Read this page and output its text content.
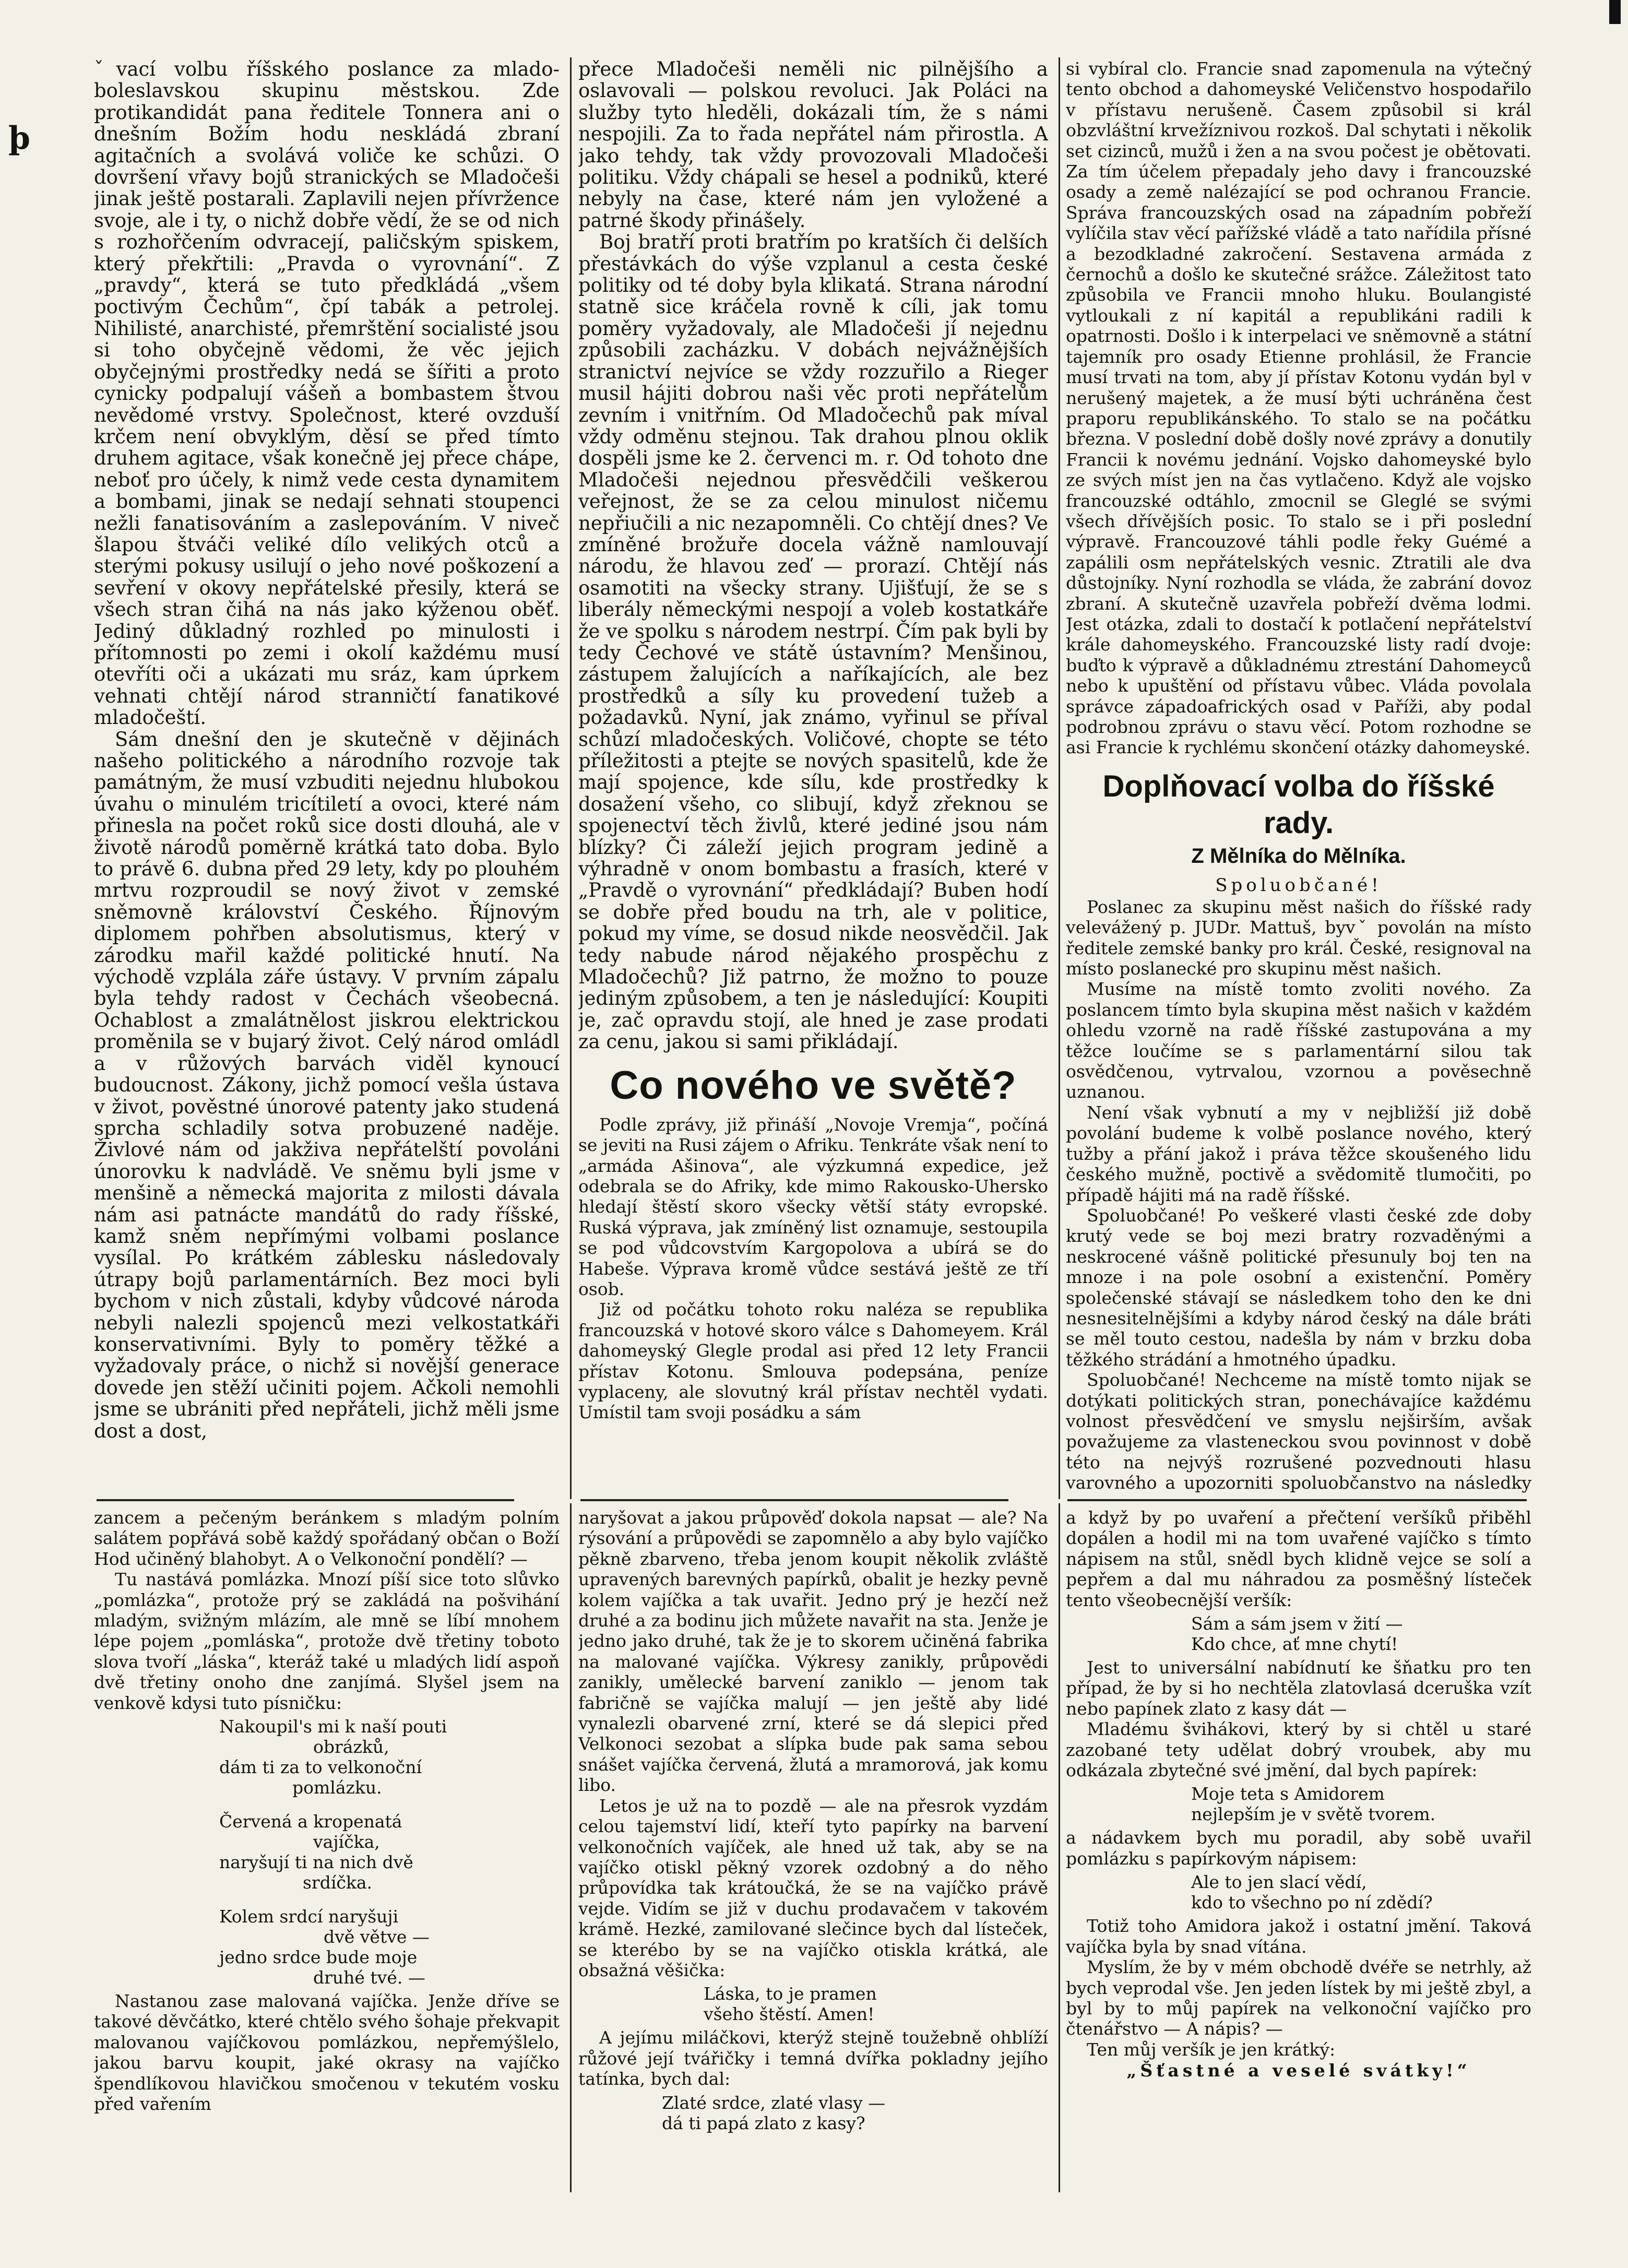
þ

ˇvací volbu říšského poslance za mlado-boleslavskou skupinu městskou. Zde protikandidát pana ředitele Tonnera ani o dnešním Božím hodu neskládá zbraní agitačních a svolává voliče ke schůzi. O dovršení vřavy bojů stranických se Mladočeši jinak ještě postarali. Zaplavili nejen přívržence svoje, ale i ty, o nichž dobře vědí, že se od nich s rozhořčením odvracejí, paličským spiskem, který překřtili: „Pravda o vyrovnání“. Z „pravdy“, která se tuto předkládá „všem poctivým Čechům“, čpí tabák a petrolej. Nihilisté, anarchisté, přemrštění socialisté jsou si toho obyčejně vědomi, že věc jejich obyčejnými prostředky nedá se šířiti a proto cynicky podpalují vášeň a bombastem štvou nevědomé vrstvy. Společnost, které ovzduší krčem není obvyklým, děsí se před tímto druhem agitace, však konečně jej přece chápe, neboť pro účely, k nimž vede cesta dynamitem a bombami, jinak se nedají sehnati stoupenci nežli fanatisováním a zaslepováním. V niveč šlapou štváči veliké dílo velikých otců a sterými pokusy usilují o jeho nové poškození a sevření v okovy nepřátelské přesily, která se všech stran čihá na nás jako kýženou oběť. Jediný důkladný rozhled po minulosti i přítomnosti po zemi i okolí každému musí otevříti oči a ukázati mu sráz, kam úprkem vehnati chtějí národ stranničtí fanatikové mladočeští.

Sám dnešní den je skutečně v dějinách našeho politického a národního rozvoje tak památným, že musí vzbuditi nejednu hlubokou úvahu o minulém tricítiletí a ovoci, které nám přinesla na počet roků sice dosti dlouhá, ale v životě národů poměrně krátká tato doba. Bylo to právě 6. dubna před 29 lety, kdy po plouhém mrtvu rozproudil se nový život v zemské sněmovně království Českého. Říjnovým diplomem pohřben absolutismus, který v zárodku mařil každé politické hnutí. Na východě vzplála záře ústavy. V prvním zápalu byla tehdy radost v Čechách všeobecná. Ochablost a zmalátnělost jiskrou elektrickou proměnila se v bujarý život. Celý národ omládl a v růžových barvách viděl kynoucí budoucnost. Zákony, jichž pomocí vešla ústava v život, pověstné únorové patenty jako studená sprcha schladily sotva probuzené naděje. Živlové nám od jakživa nepřátelští povoláni únorovku k nadvládě. Ve sněmu byli jsme v menšině a německá majorita z milosti dávala nám asi patnácte mandátů do rady říšské, kamž sněm nepřímými volbami poslance vysílal. Po krátkém záblesku následovaly útrapy bojů parlamentárních. Bez moci byli bychom v nich zůstali, kdyby vůdcové národa nebyli nalezli spojenců mezi velkostatkáři konservativními. Byly to poměry těžké a vyžadovaly práce, o nichž si novější generace dovede jen stěží učiniti pojem. Ačkoli nemohli jsme se ubrániti před nepřáteli, jichž měli jsme dost a dost,

přece Mladočeši neměli nic pilnějšího a oslavovali — polskou revoluci. Jak Poláci na služby tyto hleděli, dokázali tím, že s námi nespojili. Za to řada nepřátel nám přirostla. A jako tehdy, tak vždy provozovali Mladočeši politiku. Vždy chápali se hesel a podniků, které nebyly na čase, které nám jen vyložené a patrné škody přinášely.

Boj bratří proti bratřím po kratších či delších přestávkách do výše vzplanul a cesta české politiky od té doby byla klikatá. Strana národní statně sice kráčela rovně k cíli, jak tomu poměry vyžadovaly, ale Mladočeši jí nejednu způsobili zacházku. V dobách nejvážnějších stranictví nejvíce se vždy rozzuřilo a Rieger musil hájiti dobrou naši věc proti nepřátelům zevním i vnitřním. Od Mladočechů pak míval vždy odměnu stejnou. Tak drahou plnou oklik dospěli jsme ke 2. červenci m. r. Od tohoto dne Mladočeši nejednou přesvědčili veškerou veřejnost, že se za celou minulost ničemu nepřiučili a nic nezapomněli. Co chtějí dnes? Ve zmíněné brožuře docela vážně namlouvají národu, že hlavou zeď — prorazí. Chtějí nás osamotiti na všecky strany. Ujišťují, že se s liberály německými nespojí a voleb kostatkáře že ve spolku s národem nestrpí. Čím pak byli by tedy Čechové ve státě ústavním? Menšinou, zástupem žalujících a naříkajících, ale bez prostředků a síly ku provedení tužeb a požadavků. Nyní, jak známo, vyřinul se příval schůzí mladočeských. Voličové, chopte se této příležitosti a ptejte se nových spasitelů, kde že mají spojence, kde sílu, kde prostředky k dosažení všeho, co slibují, když zřeknou se spojenectví těch živlů, které jediné jsou nám blízky? Či záleží jejich program jedině a výhradně v onom bombastu a frasích, které v „Pravdě o vyrovnání“ předkládají? Buben hodí se dobře před boudu na trh, ale v politice, pokud my víme, se dosud nikde neosvědčil. Jak tedy nabude národ nějakého prospěchu z Mladočechů? Již patrno, že možno to pouze jediným způsobem, a ten je následující: Koupiti je, zač opravdu stojí, ale hned je zase prodati za cenu, jakou si sami přikládají.

Co nového ve světě?

Podle zprávy, již přináší „Novoje Vremja“, počíná se jeviti na Rusi zájem o Afriku. Tenkráte však není to „armáda Ašinova“, ale výzkumná expedice, jež odebrala se do Afriky, kde mimo Rakousko-Uhersko hledají štěstí skoro všecky větší státy evropské. Ruská výprava, jak zmíněný list oznamuje, sestoupila se pod vůdcovstvím Kargopolova a ubírá se do Habeše. Výprava kromě vůdce sestává ještě ze tří osob.

Již od počátku tohoto roku naléza se republika francouzská v hotové skoro válce s Dahomeyem. Král dahomeyský Glegle prodal asi před 12 lety Francii přístav Kotonu. Smlouva podepsána, peníze vyplaceny, ale slovutný král přístav nechtěl vydati. Umístil tam svoji posádku a sám

si vybíral clo. Francie snad zapomenula na výtečný tento obchod a dahomeyské Veličenstvo hospodařilo v přístavu nerušeně. Časem způsobil si král obzvláštní krvežíznivou rozkoš. Dal schytati i několik set cizinců, mužů i žen a na svou počest je obětovati. Za tím účelem přepadaly jeho davy i francouzské osady a země nalézající se pod ochranou Francie. Správa francouzských osad na západním pobřeží vylíčila stav věcí pařížské vládě a tato nařídila přísné a bezodkladné zakročení. Sestavena armáda z černochů a došlo ke skutečné srážce. Záležitost tato způsobila ve Francii mnoho hluku. Boulangisté vytloukali z ní kapitál a republikáni radili k opatrnosti. Došlo i k interpelaci ve sněmovně a státní tajemník pro osady Etienne prohlásil, že Francie musí trvati na tom, aby jí přístav Kotonu vydán byl v nerušený majetek, a že musí býti uchráněna čest praporu republikánského. To stalo se na počátku března. V poslední době došly nové zprávy a donutily Francii k novému jednání. Vojsko dahomeyské bylo ze svých míst jen na čas vytlačeno. Když ale vojsko francouzské odtáhlo, zmocnil se Gleglé se svými všech dřívějších posic. To stalo se i při poslední výpravě. Francouzové táhli podle řeky Guémé a zapálili osm nepřátelských vesnic. Ztratili ale dva důstojníky. Nyní rozhodla se vláda, že zabrání dovoz zbraní. A skutečně uzavřela pobřeží dvěma lodmi. Jest otázka, zdali to dostačí k potlačení nepřátelství krále dahomeyského. Francouzské listy radí dvoje: buďto k výpravě a důkladnému ztrestání Dahomeyců nebo k upuštění od přístavu vůbec. Vláda povolala správce západoafrických osad v Paříži, aby podal podrobnou zprávu o stavu věcí. Potom rozhodne se asi Francie k rychlému skončení otázky dahomeyské.

Doplňovací volba do říšské rady.
Z Mělníka do Mělníka.
Spoluobčané!

Poslanec za skupinu měst našich do říšské rady velevážený p. JUDr. Mattuš, byvˇ povolán na místo ředitele zemské banky pro král. České, resignoval na místo poslanecké pro skupinu měst našich.

Musíme na místě tomto zvoliti nového. Za poslancem tímto byla skupina měst našich v každém ohledu vzorně na radě říšské zastupována a my těžce loučíme se s parlamentární silou tak osvědčenou, vytrvalou, vzornou a pověsechně uznanou.

Není však vybnutí a my v nejbližší již době povolání budeme k volbě poslance nového, který tužby a přání jakož i práva těžce skoušeného lidu českého mužně, poctivě a svědomitě tlumočiti, po případě hájiti má na radě říšské.

Spoluobčané! Po veškeré vlasti české zde doby krutý vede se boj mezi bratry rozvaděnými a neskrocené vášně politické přesunuly boj ten na mnoze i na pole osobní a existenční. Poměry společenské stávají se následkem toho den ke dni nesnesitelnějšími a kdyby národ český na dále bráti se měl touto cestou, nadešla by nám v brzku doba těžkého strádání a hmotného úpadku.

Spoluobčané! Nechceme na místě tomto nijak se dotýkati politických stran, ponechávajíce každému volnost přesvědčení ve smyslu nejširším, avšak považujeme za vlasteneckou svou povinnost v době této na nejvýš rozrušené pozvednouti hlasu varovného a upozorniti spoluobčanstvo na následky

zancem a pečeným beránkem s mladým polním salátem popřává sobě každý spořádaný občan o Boží Hod učiněný blahobyt. A o Velkonoční pondělí? —

Tu nastává pomlázka. Mnozí píší sice toto slůvko „pomlázka“, protože prý se zakládá na pošvihání mladým, svižným mlázím, ale mně se líbí mnohem lépe pojem „pomláska“, protože dvě třetiny toboto slova tvoří „láska“, kteráž také u mladých lidí aspoň dvě třetiny onoho dne zanjímá. Slyšel jsem na venkově kdysi tuto písničku:

Nakoupil's mi k naší pouti
obrázků,
dám ti za to velkonoční
pomlázku.
Červená a kropenatá
vajíčka,
naryšují ti na nich dvě
srdíčka.
Kolem srdcí naryšuji
dvě větve —
jedno srdce bude moje
druhé tvé. —

Nastanou zase malovaná vajíčka. Jenže dříve se takové děvčátko, které chtělo svého šohaje překvapit malovanou vajíčkovou pomlázkou, nepřemýšlelo, jakou barvu koupit, jaké okrasy na vajíčko špendlíkovou hlavičkou smočenou v tekutém vosku před vařením

naryšovat a jakou průpověď dokola napsat — ale? Na rýsování a průpovědi se zapomnělo a aby bylo vajíčko pěkně zbarveno, třeba jenom koupit několik zvláště upravených barevných papírků, obalit je hezky pevně kolem vajíčka a tak uvařit. Jedno prý je hezčí než druhé a za bodinu jich můžete navařit na sta. Jenže je jedno jako druhé, tak že je to skorem učiněná fabrika na malované vajíčka. Výkresy zanikly, průpovědi zanikly, umělecké barvení zaniklo — jenom tak fabričně se vajíčka malují — jen ještě aby lidé vynalezli obarvené zrní, které se dá slepici před Velkonoci sezobat a slípka bude pak sama sebou snášet vajíčka červená, žlutá a mramorová, jak komu libo.

Letos je už na to pozdě — ale na přesrok vyzdám celou tajemství lidí, kteří tyto papírky na barvení velkonočních vajíček, ale hned už tak, aby se na vajíčko otiskl pěkný vzorek ozdobný a do něho průpovídka tak krátoučká, že se na vajíčko právě vejde. Vidím se již v duchu prodavačem v takovém krámě. Hezké, zamilované slečince bych dal lísteček, se kterébo by se na vajíčko otiskla krátká, ale obsažná věšička:

Láska, to je pramen
všeho štěstí. Amen!

A jejímu miláčkovi, kterýž stejně toužebně ohblíží růžové její tvářičky i temná dvířka pokladny jejího tatínka, bych dal:

Zlaté srdce, zlaté vlasy —
dá ti papá zlato z kasy?

a když by po uvaření a přečtení veršíků přiběhl dopálen a hodil mi na tom uvařené vajíčko s tímto nápisem na stůl, snědl bych klidně vejce se solí a pepřem a dal mu náhradou za posměšný lísteček tento všeobecnější veršík:

Sám a sám jsem v žití —
Kdo chce, ať mne chytí!

Jest to universální nabídnutí ke šňatku pro ten případ, že by si ho nechtěla zlatovlasá dceruška vzít nebo papínek zlato z kasy dát —

Mladému švihákovi, který by si chtěl u staré zazobané tety udělat dobrý vroubek, aby mu odkázala zbytečné své jmění, dal bych papírek:

Moje teta s Amidorem
nejlepším je v světě tvorem.

a nádavkem bych mu poradil, aby sobě uvařil pomlázku s papírkovým nápisem:

Ale to jen slací vědí,
kdo to všechno po ní zdědí?

Totiž toho Amidora jakož i ostatní jmění. Taková vajíčka byla by snad vítána.

Myslím, že by v mém obchodě dvéře se netrhly, až bych veprodal vše. Jen jeden lístek by mi ještě zbyl, a byl by to můj papírek na velkonoční vajíčko pro čtenářstvo — A nápis? —

Ten můj veršík je jen krátký:

„Šťastné a veselé svátky!“
